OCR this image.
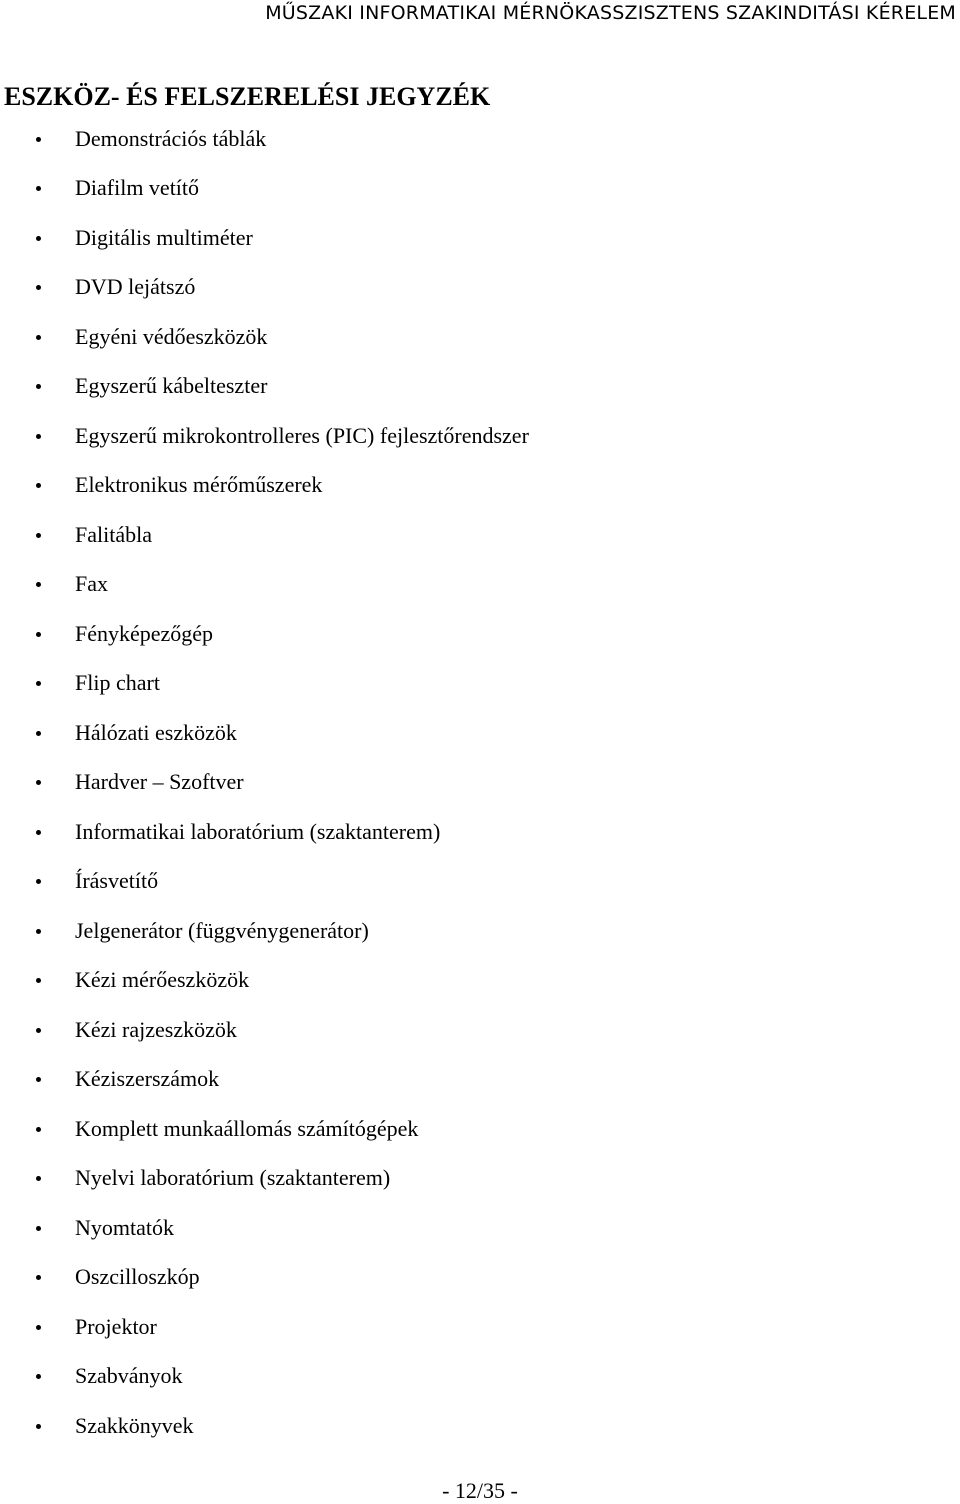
MŰSZAKI INFORMATIKAI MÉRNÖKASSZISZTENS SZAKINDITÁSI KÉRELEM
ESZKÖZ- ÉS FELSZERELÉSI JEGYZÉK
Demonstrációs táblák
Diafilm vetítő
Digitális multiméter
DVD lejátszó
Egyéni védőeszközök
Egyszerű kábelteszter
Egyszerű mikrokontrolleres (PIC) fejlesztőrendszer
Elektronikus mérőműszerek
Falitábla
Fax
Fényképezőgép
Flip chart
Hálózati eszközök
Hardver – Szoftver
Informatikai laboratórium (szaktanterem)
Írásvetítő
Jelgenerátor (függvénygenerátor)
Kézi mérőeszközök
Kézi rajzeszközök
Kéziszerszámok
Komplett munkaállomás számítógépek
Nyelvi laboratórium (szaktanterem)
Nyomtatók
Oszcilloszkóp
Projektor
Szabványok
Szakkönyvek
- 12/35 -
